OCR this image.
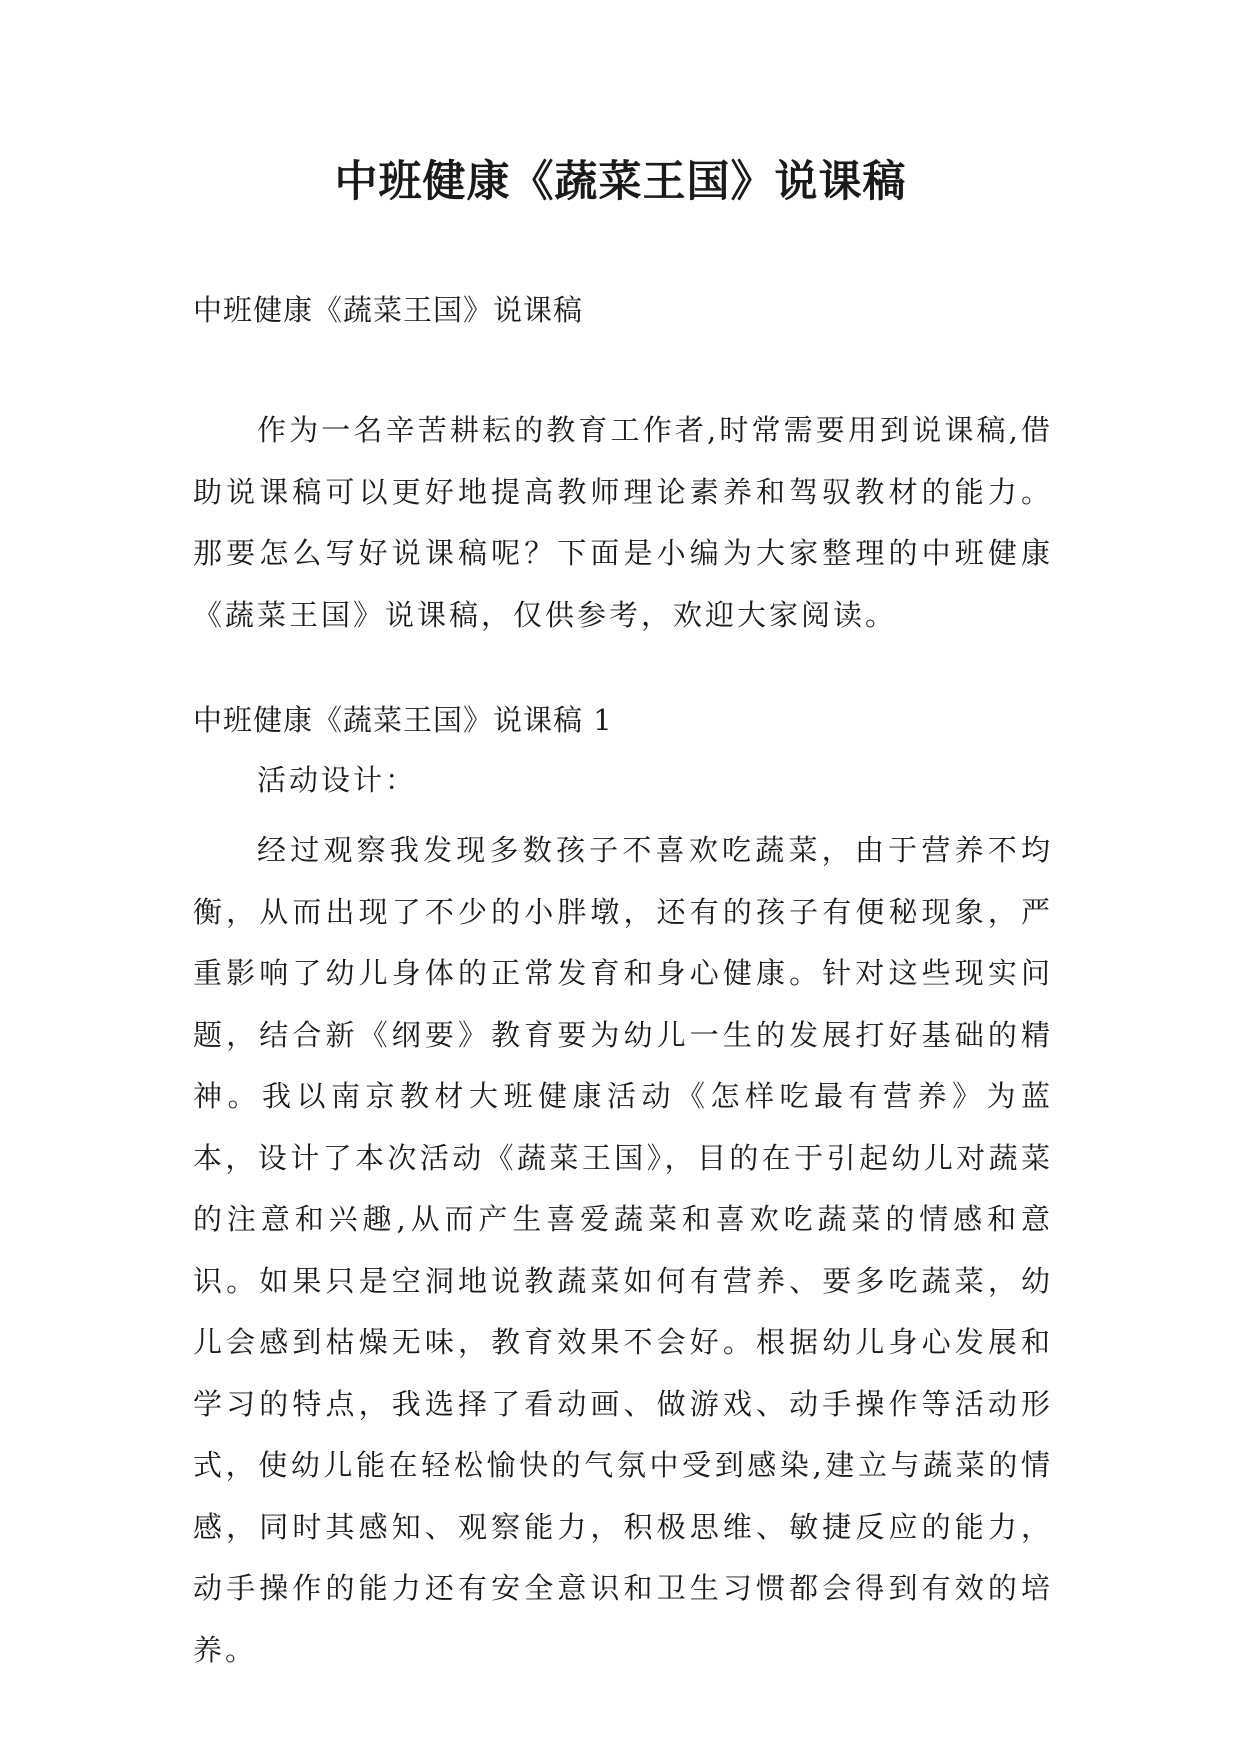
中班健康《蔬菜王国》说课稿

中班健康《蔬菜王国》说课稿

作为一名辛苦耕耘的教育工作者,时常需要用到说课稿,借助说课稿可以更好地提高教师理论素养和驾驭教材的能力。那要怎么写好说课稿呢？下面是小编为大家整理的中班健康《蔬菜王国》说课稿，仅供参考，欢迎大家阅读。

中班健康《蔬菜王国》说课稿 1

活动设计：

经过观察我发现多数孩子不喜欢吃蔬菜，由于营养不均衡，从而出现了不少的小胖墩，还有的孩子有便秘现象，严重影响了幼儿身体的正常发育和身心健康。针对这些现实问题，结合新《纲要》教育要为幼儿一生的发展打好基础的精神。我以南京教材大班健康活动《怎样吃最有营养》为蓝本，设计了本次活动《蔬菜王国》，目的在于引起幼儿对蔬菜的注意和兴趣,从而产生喜爱蔬菜和喜欢吃蔬菜的情感和意识。如果只是空洞地说教蔬菜如何有营养、要多吃蔬菜，幼儿会感到枯燥无味，教育效果不会好。根据幼儿身心发展和学习的特点，我选择了看动画、做游戏、动手操作等活动形式，使幼儿能在轻松愉快的气氛中受到感染,建立与蔬菜的情感，同时其感知、观察能力，积极思维、敏捷反应的能力，动手操作的能力还有安全意识和卫生习惯都会得到有效的培养。
